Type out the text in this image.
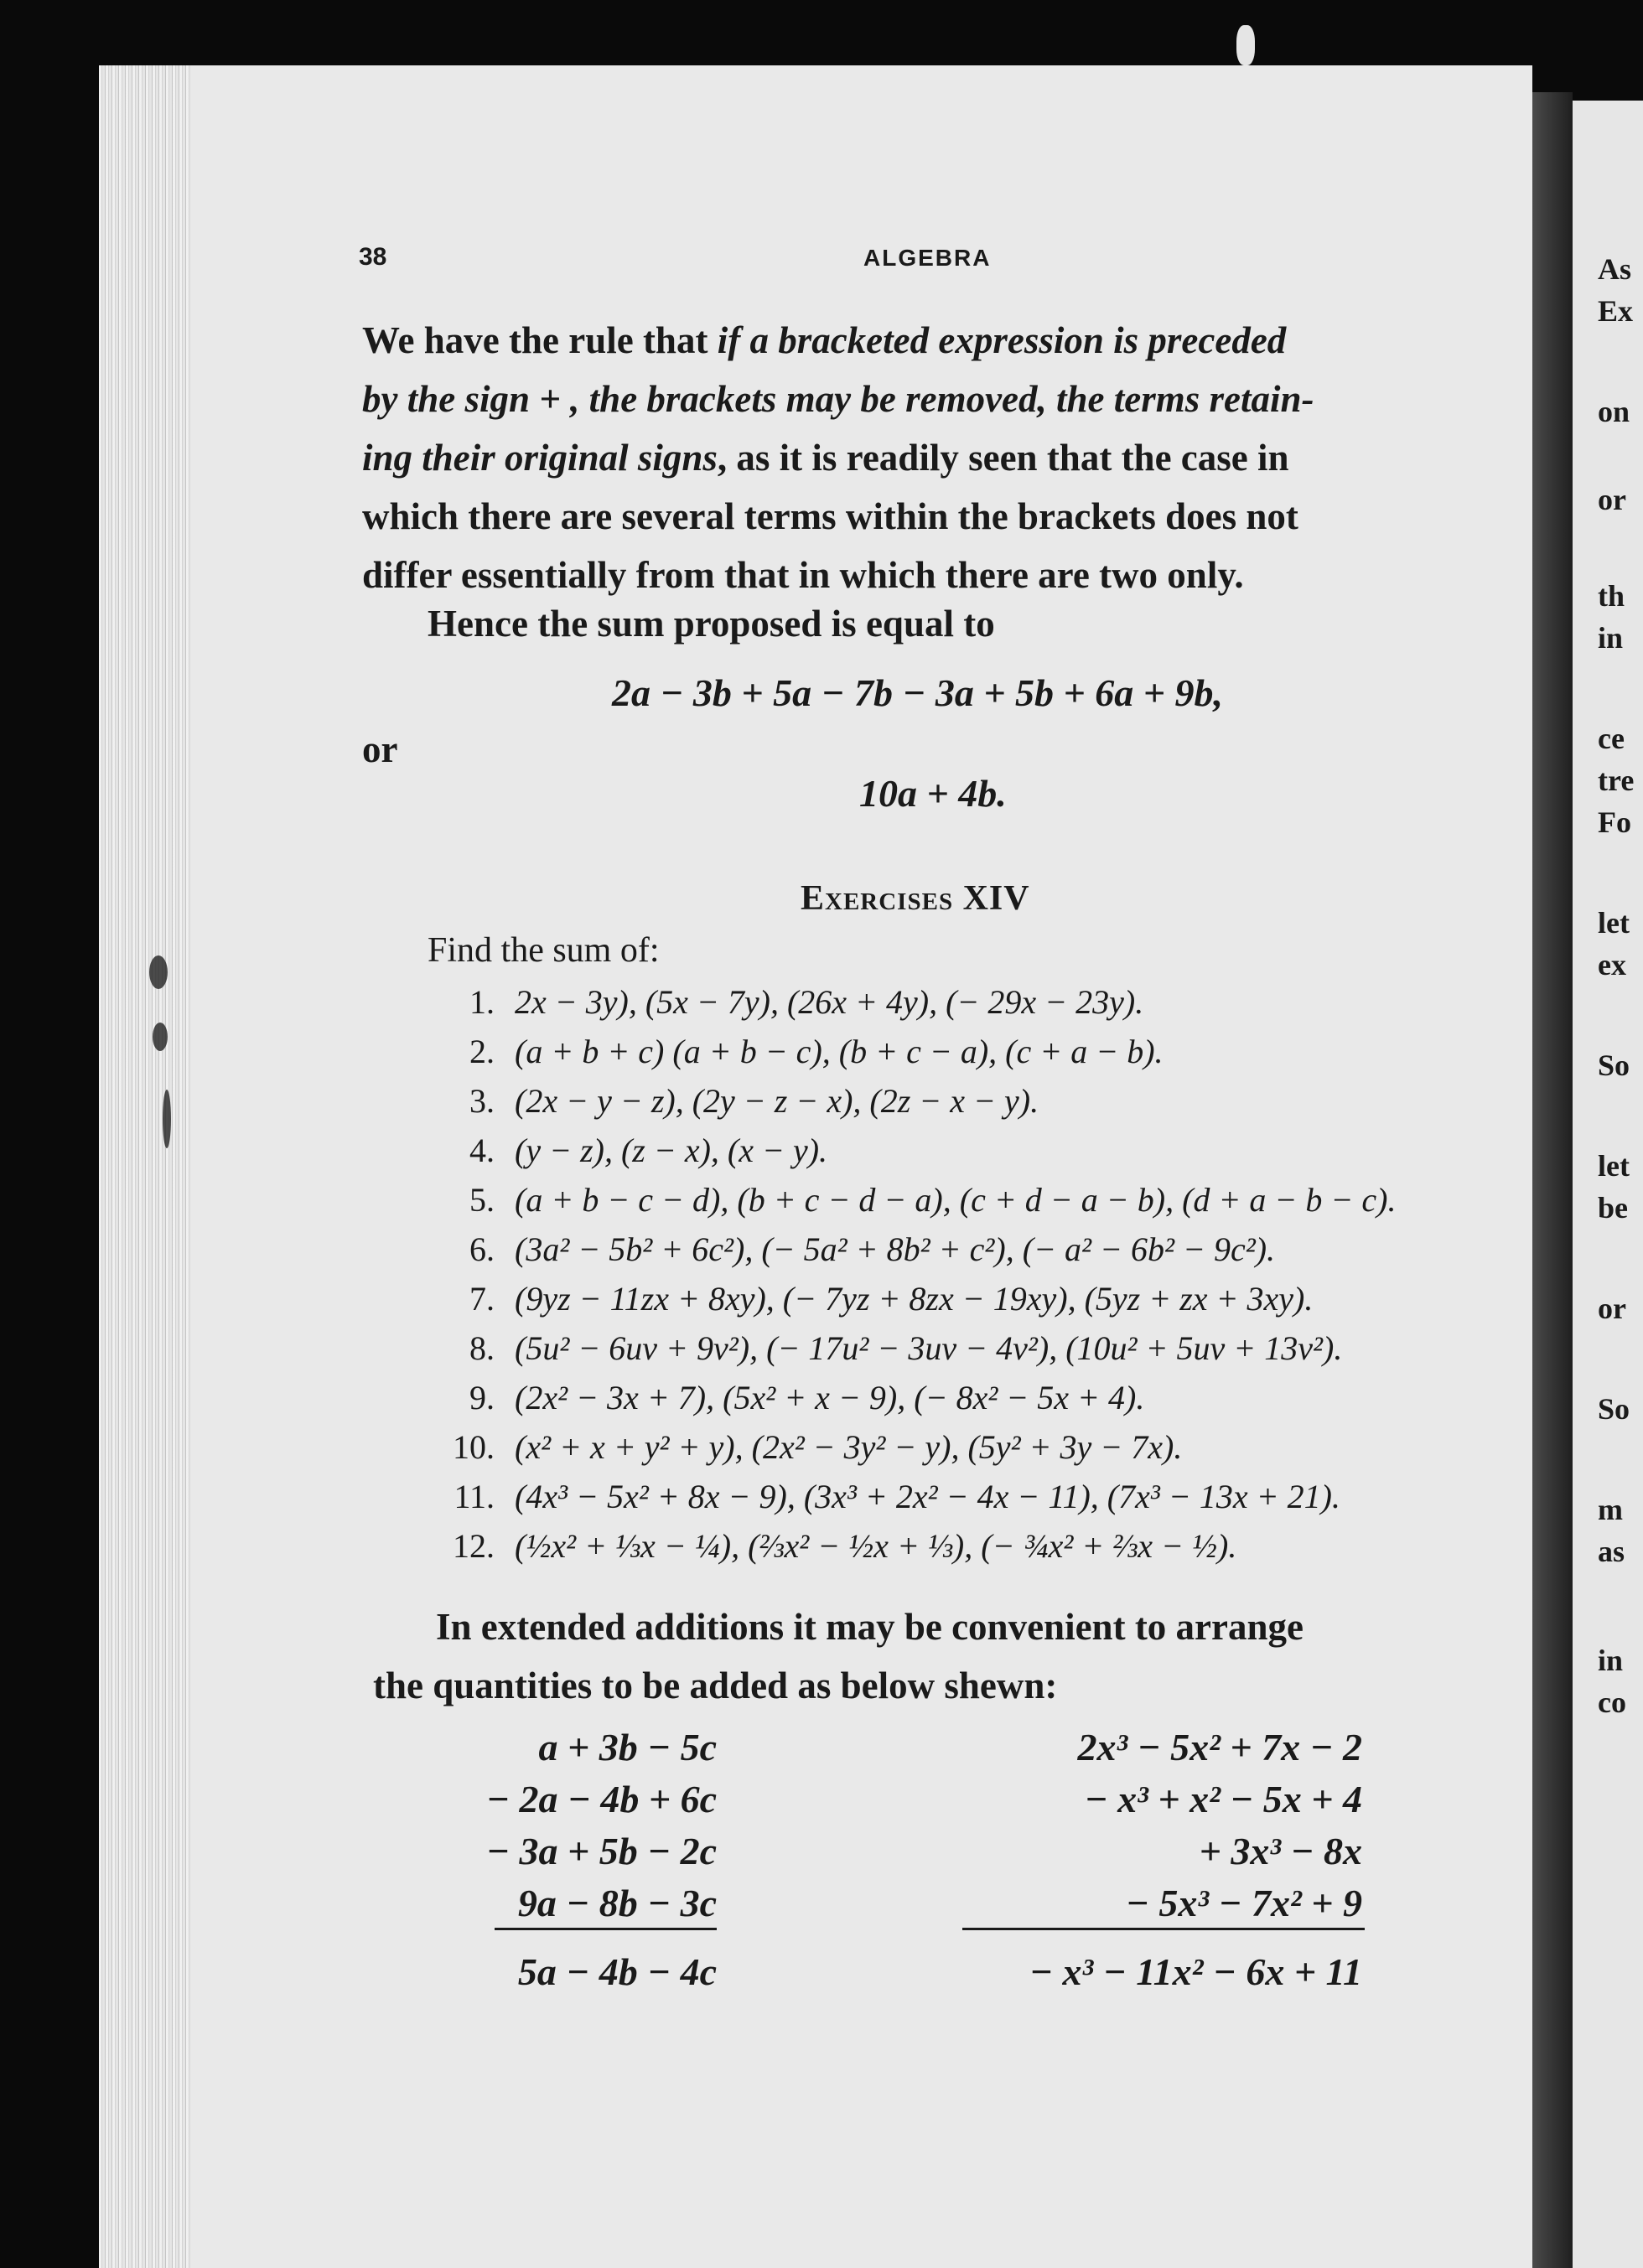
As
Ex
on
or
th
in
ce
tre
Fo
let
ex
So
let
be
or
So
m
as
in
co
38	ALGEBRA
We have the rule that if a bracketed expression is preceded
by the sign + , the brackets may be removed, the terms retain-
ing their original signs, as it is readily seen that the case in
which there are several terms within the brackets does not
differ essentially from that in which there are two only.
Hence the sum proposed is equal to
2a − 3b + 5a − 7b − 3a + 5b + 6a + 9b,
or
10a + 4b.
Exercises XIV
Find the sum of:
1. 2x − 3y), (5x − 7y), (26x + 4y), (− 29x − 23y).
2. (a + b + c) (a + b − c), (b + c − a), (c + a − b).
3. (2x − y − z), (2y − z − x), (2z − x − y).
4. (y − z), (z − x), (x − y).
5. (a + b − c − d), (b + c − d − a), (c + d − a − b), (d + a − b − c).
6. (3a² − 5b² + 6c²), (− 5a² + 8b² + c²), (− a² − 6b² − 9c²).
7. (9yz − 11zx + 8xy), (− 7yz + 8zx − 19xy), (5yz + zx + 3xy).
8. (5u² − 6uv + 9v²), (− 17u² − 3uv − 4v²), (10u² + 5uv + 13v²).
9. (2x² − 3x + 7), (5x² + x − 9), (− 8x² − 5x + 4).
10. (x² + x + y² + y), (2x² − 3y² − y), (5y² + 3y − 7x).
11. (4x³ − 5x² + 8x − 9), (3x³ + 2x² − 4x − 11), (7x³ − 13x + 21).
12. (½x² + ⅓x − ¼), (⅔x² − ½x + ⅓), (− ¾x² + ⅔x − ½).
In extended additions it may be convenient to arrange
the quantities to be added as below shewn:
a + 3b − 5c
− 2a − 4b + 6c
− 3a + 5b − 2c
9a − 8b − 3c
5a − 4b − 4c
2x³ − 5x² + 7x − 2
− x³ + x² − 5x + 4
+ 3x³ − 8x
− 5x³ − 7x² + 9
− x³ − 11x² − 6x + 11
